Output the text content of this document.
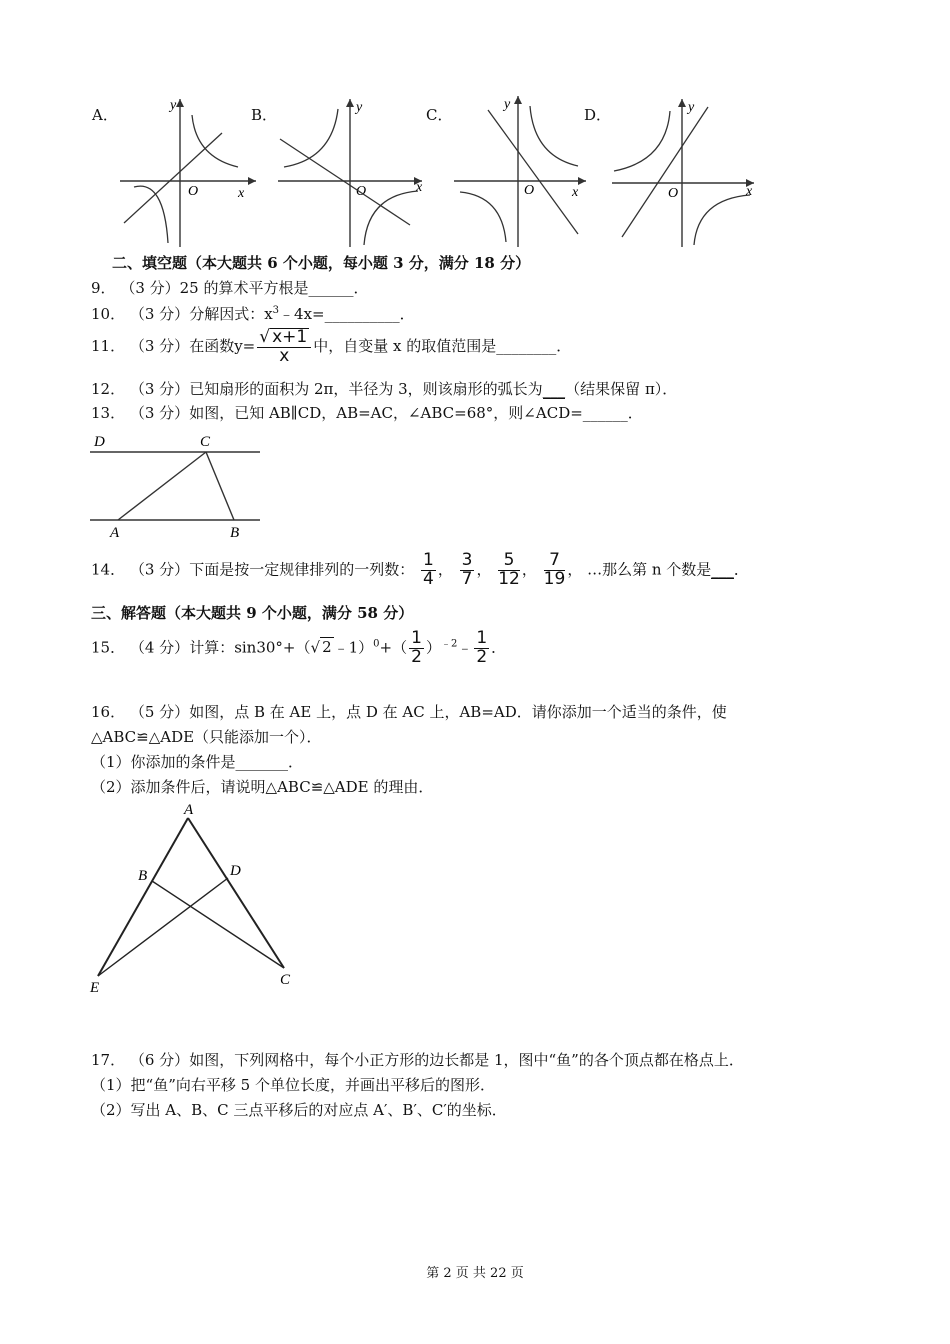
A．
y
x
O
B．	y
x
O
C．
y
x
O
D．	y
x
O
二、填空题（本大题共 6 个小题，每小题 3 分，满分 18 分）
9． （3 分）25 的算术平方根是______．
10． （3 分）分解因式：$x^3﹣4x=\_\_\_\_\_\_\_\_\_\_$．
11． （3 分）在函数$y= \frac{√ x+1}{x}$ 中，自变量 x 的取值范围是________．
12． （3 分）已知扇形的面积为 2π，半径为 3，则该扇形的弧长为___（结果保留 π）．
13． （3 分）如图，已知 AB∥CD，AB=AC，∠ABC=68°，则∠ACD=______．
D	C
A	B
14． （3 分）下面是按一定规律排列的一列数： $\frac{1}{4}$ ， $\frac{3}{7}$ ， $\frac{5}{12}$ ， $\frac{7}{19}$ ， …那么第 n 个数是___．
三、解答题（本大题共 9 个小题，满分 58 分）
15． （4 分）计算：sin30°+（√ 2 ﹣1）$^0$+（ $\frac{1}{2}$ ）$^{﹣2}$﹣ $\frac{1}{2}$ ．
16． （5 分）如图，点 B 在 AE 上，点 D 在 AC 上，AB=AD．请你添加一个适当的条件，使
△ABC≌△ADE（只能添加一个）．
（1）你添加的条件是_______．
（2）添加条件后，请说明△ABC≌△ADE 的理由．
A
B	D
E	C
17． （6 分）如图，下列网格中，每个小正方形的边长都是 1，图中“鱼”的各个顶点都在格点上．
（1）把“鱼”向右平移 5 个单位长度，并画出平移后的图形．
（2）写出 A、B、C 三点平移后的对应点 A′、B′、C′的坐标．
第 2 页 共 22 页
